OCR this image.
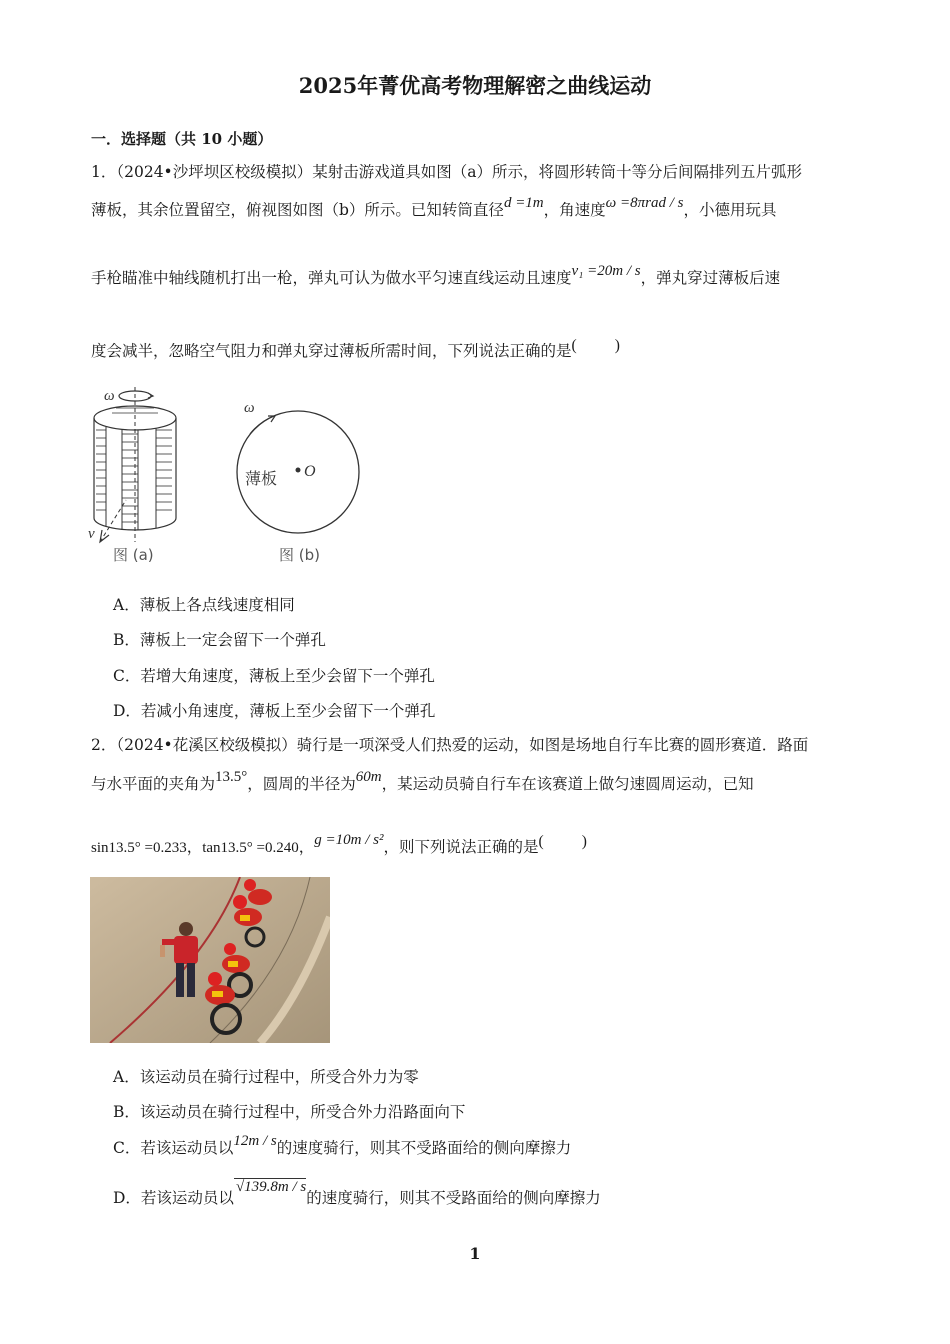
2025年菁优高考物理解密之曲线运动
一．选择题（共 10 小题）
1．（2024•沙坪坝区校级模拟）某射击游戏道具如图（a）所示，将圆形转筒十等分后间隔排列五片弧形
薄板，其余位置留空，俯视图如图（b）所示。已知转筒直径d =1m，角速度ω =8πrad / s，小德用玩具
手枪瞄准中轴线随机打出一枪，弹丸可认为做水平匀速直线运动且速度v₁ =20m / s，弹丸穿过薄板后速
度会减半，忽略空气阻力和弹丸穿过薄板所需时间，下列说法正确的是( )
ω
v
图 (a)
ω
O
薄板
图 (b)
A．薄板上各点线速度相同
B．薄板上一定会留下一个弹孔
C．若增大角速度，薄板上至少会留下一个弹孔
D．若减小角速度，薄板上至少会留下一个弹孔
2．（2024•花溪区校级模拟）骑行是一项深受人们热爱的运动，如图是场地自行车比赛的圆形赛道．路面
与水平面的夹角为13.5°，圆周的半径为60m，某运动员骑自行车在该赛道上做匀速圆周运动，已知
sin13.5° =0.233，tan13.5° =0.240，g =10m / s²，则下列说法正确的是( )
A．该运动员在骑行过程中，所受合外力为零
B．该运动员在骑行过程中，所受合外力沿路面向下
C．若该运动员以12m / s的速度骑行，则其不受路面给的侧向摩擦力
D．若该运动员以√139.8m / s的速度骑行，则其不受路面给的侧向摩擦力
1
